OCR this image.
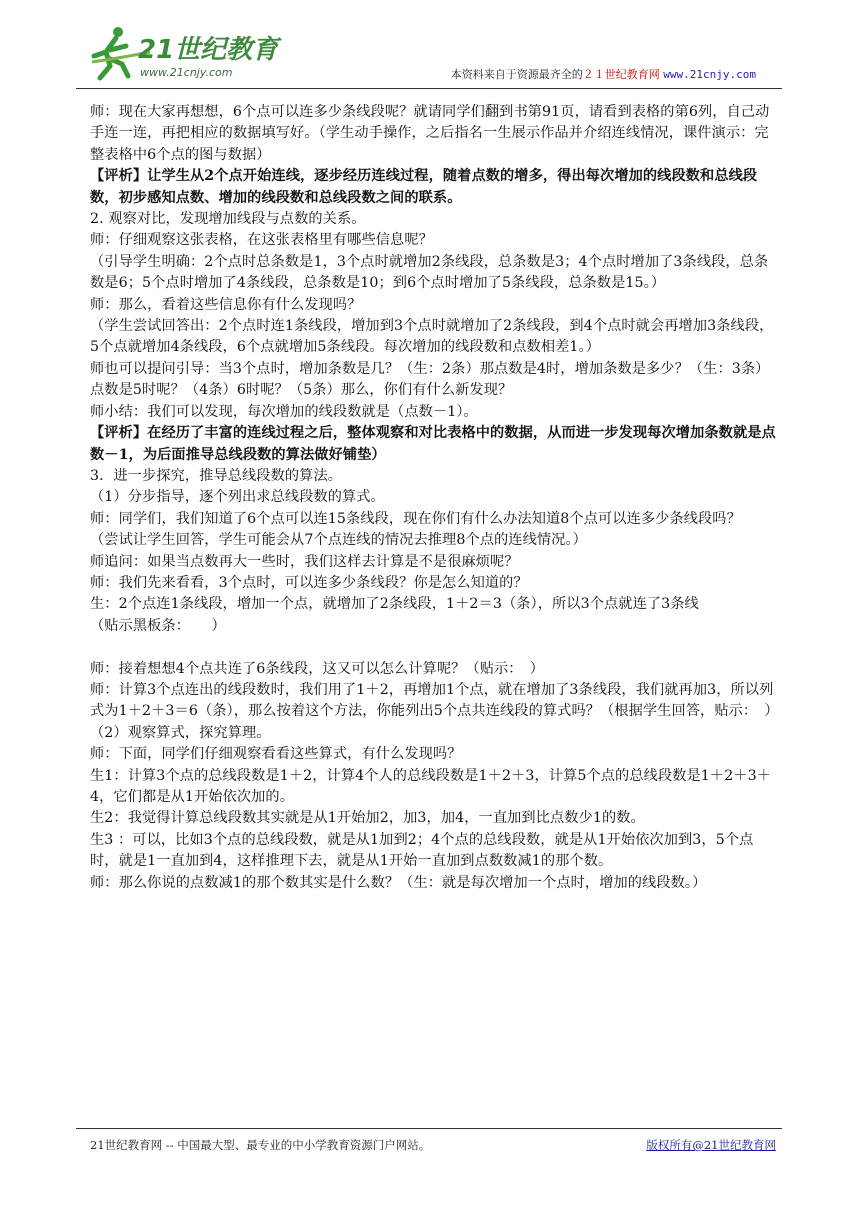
21世纪教育
www.21cnjy.com	本资料来自于资源最齐全的２１世纪教育网 www.21cnjy.com

师：现在大家再想想，6个点可以连多少条线段呢？就请同学们翻到书第91页，请看到表格的第6列，自己动手连一连，再把相应的数据填写好。（学生动手操作，之后指名一生展示作品并介绍连线情况，课件演示：完整表格中6个点的图与数据）

【评析】让学生从2个点开始连线，逐步经历连线过程，随着点数的增多，得出每次增加的线段数和总线段数，初步感知点数、增加的线段数和总线段数之间的联系。

2. 观察对比，发现增加线段与点数的关系。

师：仔细观察这张表格，在这张表格里有哪些信息呢？

（引导学生明确：2个点时总条数是1，3个点时就增加2条线段，总条数是3；4个点时增加了3条线段，总条数是6；5个点时增加了4条线段，总条数是10；到6个点时增加了5条线段，总条数是15。）

师：那么，看着这些信息你有什么发现吗？

（学生尝试回答出：2个点时连1条线段，增加到3个点时就增加了2条线段，到4个点时就会再增加3条线段，5个点就增加4条线段，6个点就增加5条线段。每次增加的线段数和点数相差1。）

师也可以提问引导：当3个点时，增加条数是几？（生：2条）那点数是4时，增加条数是多少？（生：3条）点数是5时呢？（4条）6时呢？（5条）那么，你们有什么新发现？

师小结：我们可以发现，每次增加的线段数就是（点数－1）。

【评析】在经历了丰富的连线过程之后，整体观察和对比表格中的数据，从而进一步发现每次增加条数就是点数－1，为后面推导总线段数的算法做好铺垫）

3．进一步探究，推导总线段数的算法。

（1）分步指导，逐个列出求总线段数的算式。

师：同学们，我们知道了6个点可以连15条线段，现在你们有什么办法知道8个点可以连多少条线段吗？

（尝试让学生回答，学生可能会从7个点连线的情况去推理8个点的连线情况。）

师追问：如果当点数再大一些时，我们这样去计算是不是很麻烦呢？

师：我们先来看看，3个点时，可以连多少条线段？你是怎么知道的？

生：2个点连1条线段，增加一个点，就增加了2条线段，1＋2＝3（条），所以3个点就连了3条线

（贴示黑板条：　　）

师：接着想想4个点共连了6条线段，这又可以怎么计算呢？（贴示：　）

师：计算3个点连出的线段数时，我们用了1＋2，再增加1个点，就在增加了3条线段，我们就再加3，所以列式为1＋2＋3＝6（条），那么按着这个方法，你能列出5个点共连线段的算式吗？（根据学生回答，贴示：　）

（2）观察算式，探究算理。

师：下面，同学们仔细观察看看这些算式，有什么发现吗？

生1：计算3个点的总线段数是1＋2，计算4个人的总线段数是1＋2＋3，计算5个点的总线段数是1＋2＋3＋4，它们都是从1开始依次加的。

生2：我觉得计算总线段数其实就是从1开始加2，加3，加4，一直加到比点数少1的数。

生3 ：可以，比如3个点的总线段数，就是从1加到2；4个点的总线段数，就是从1开始依次加到3，5个点时，就是1一直加到4，这样推理下去，就是从1开始一直加到点数数减1的那个数。

师：那么你说的点数减1的那个数其实是什么数？（生：就是每次增加一个点时，增加的线段数。）

21世纪教育网 -- 中国最大型、最专业的中小学教育资源门户网站。	版权所有@21世纪教育网
